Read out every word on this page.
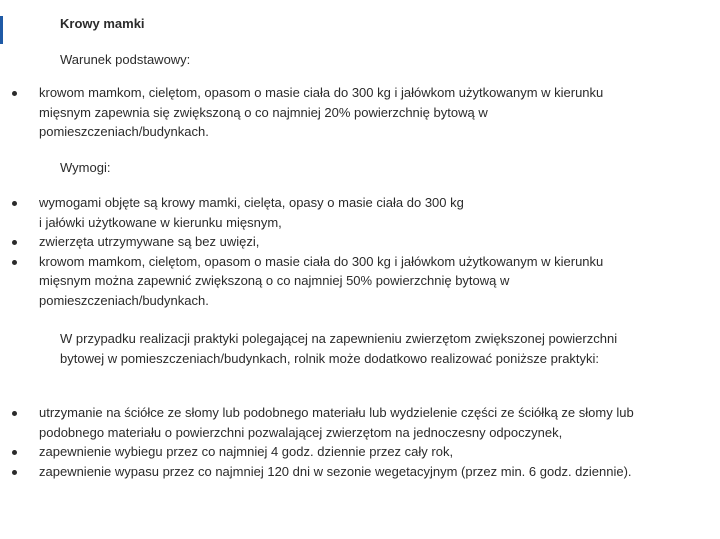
Krowy mamki
Warunek podstawowy:
krowom mamkom, cielętom, opasom o masie ciała do 300 kg i jałówkom użytkowanym w kierunku mięsnym zapewnia się zwiększoną o co najmniej 20% powierzchnię bytową w pomieszczeniach/budynkach.
Wymogi:
wymogami objęte są krowy mamki, cielęta, opasy o masie ciała do 300 kg
i jałówki użytkowane w kierunku mięsnym,
zwierzęta utrzymywane są bez uwięzi,
krowom mamkom, cielętom, opasom o masie ciała do 300 kg i jałówkom użytkowanym w kierunku mięsnym można zapewnić zwiększoną o co najmniej 50% powierzchnię bytową w pomieszczeniach/budynkach.
W przypadku realizacji praktyki polegającej na zapewnieniu zwierzętom zwiększonej powierzchni bytowej w pomieszczeniach/budynkach, rolnik może dodatkowo realizować poniższe praktyki:
utrzymanie na ściółce ze słomy lub podobnego materiału lub wydzielenie części ze ściółką ze słomy lub podobnego materiału o powierzchni pozwalającej zwierzętom na jednoczesny odpoczynek,
zapewnienie wybiegu przez co najmniej 4 godz. dziennie przez cały rok,
zapewnienie wypasu przez co najmniej 120 dni w sezonie wegetacyjnym (przez min. 6 godz. dziennie).
